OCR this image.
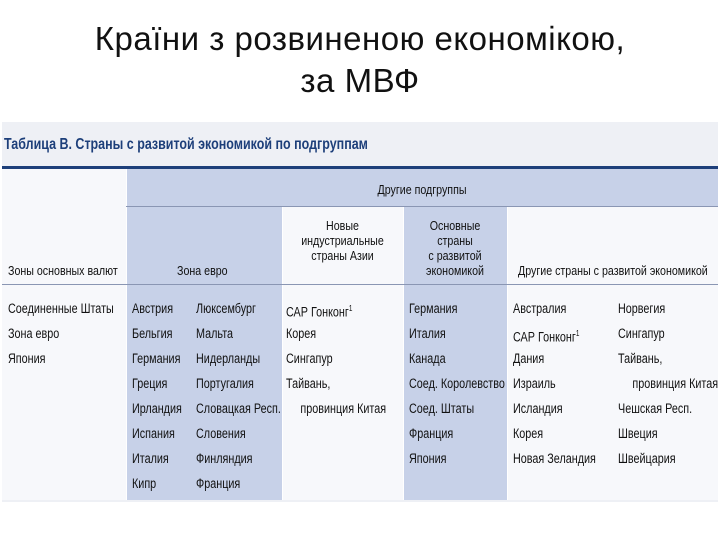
Країни з розвиненою економікою,
за МВФ
Таблица В. Страны с развитой экономикой по подгруппам
Другие подгруппы
Зоны основных валют	Зона евро
Новые
индустриальные
страны Азии
Основные страны
с развитой
экономикой	Другие страны с развитой экономикой
Соединенные Штаты
Зона евро
Япония
Австрия
Бельгия
Германия
Греция
Ирландия
Испания
Италия
Кипр
Люксембург
Мальта
Нидерланды
Португалия
Словацкая Респ.
Словения
Финляндия
Франция
САР Гонконг$^1$
Корея
Сингапур
Тайвань,
провинция Китая
Германия
Италия
Канада
Соед. Королевство
Соед. Штаты
Франция
Япония
Австралия
САР Гонконг$^1$
Дания
Израиль
Исландия
Корея
Новая Зеландия
Норвегия
Сингапур
Тайвань,
провинция Китая
Чешская Респ.
Швеция
Швейцария
